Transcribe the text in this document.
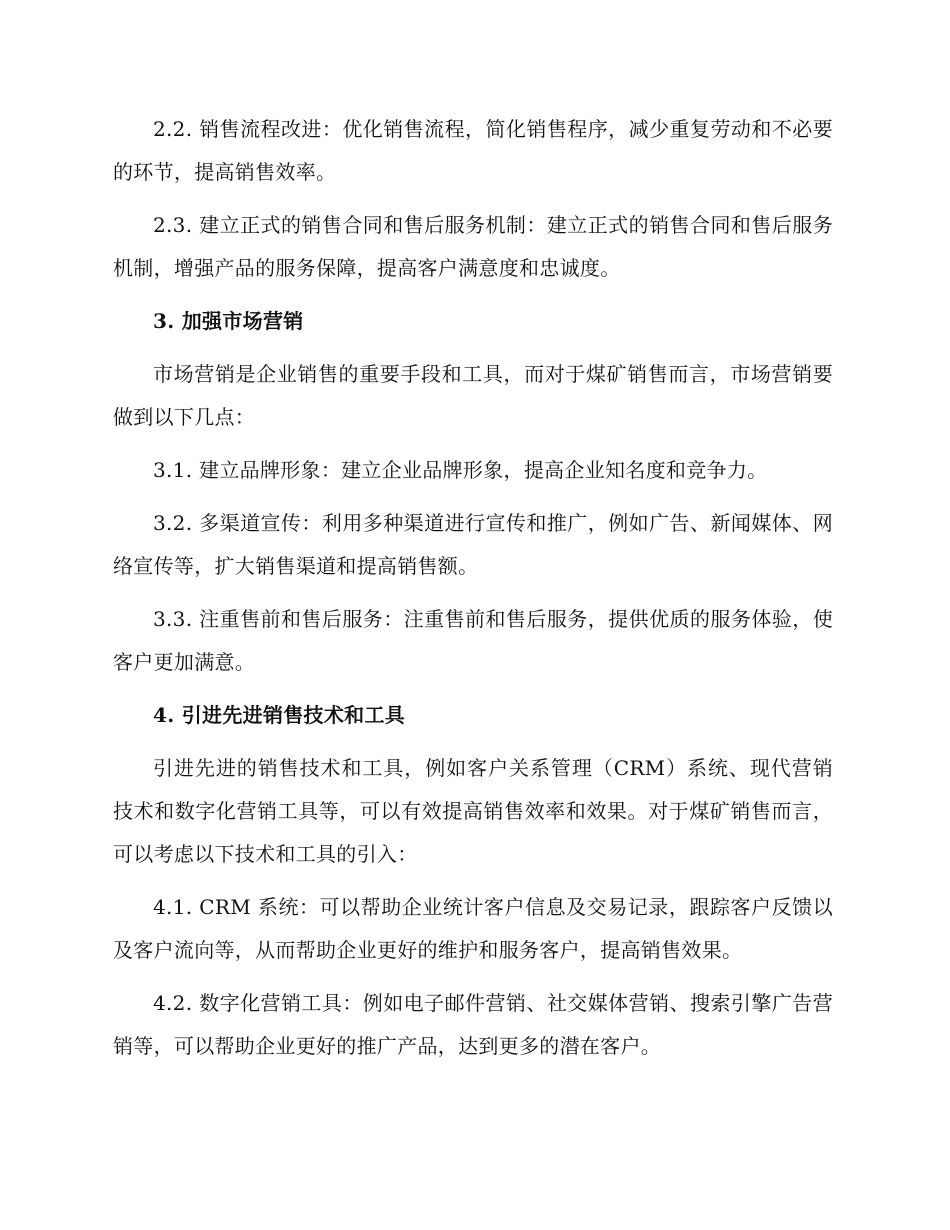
2.2. 销售流程改进：优化销售流程，简化销售程序，减少重复劳动和不必要的环节，提高销售效率。

2.3. 建立正式的销售合同和售后服务机制：建立正式的销售合同和售后服务机制，增强产品的服务保障，提高客户满意度和忠诚度。

3. 加强市场营销

市场营销是企业销售的重要手段和工具，而对于煤矿销售而言，市场营销要做到以下几点：

3.1. 建立品牌形象：建立企业品牌形象，提高企业知名度和竞争力。

3.2. 多渠道宣传：利用多种渠道进行宣传和推广，例如广告、新闻媒体、网络宣传等，扩大销售渠道和提高销售额。

3.3. 注重售前和售后服务：注重售前和售后服务，提供优质的服务体验，使客户更加满意。

4. 引进先进销售技术和工具

引进先进的销售技术和工具，例如客户关系管理（CRM）系统、现代营销技术和数字化营销工具等，可以有效提高销售效率和效果。对于煤矿销售而言，可以考虑以下技术和工具的引入：

4.1. CRM 系统：可以帮助企业统计客户信息及交易记录，跟踪客户反馈以及客户流向等，从而帮助企业更好的维护和服务客户，提高销售效果。

4.2. 数字化营销工具：例如电子邮件营销、社交媒体营销、搜索引擎广告营销等，可以帮助企业更好的推广产品，达到更多的潜在客户。
